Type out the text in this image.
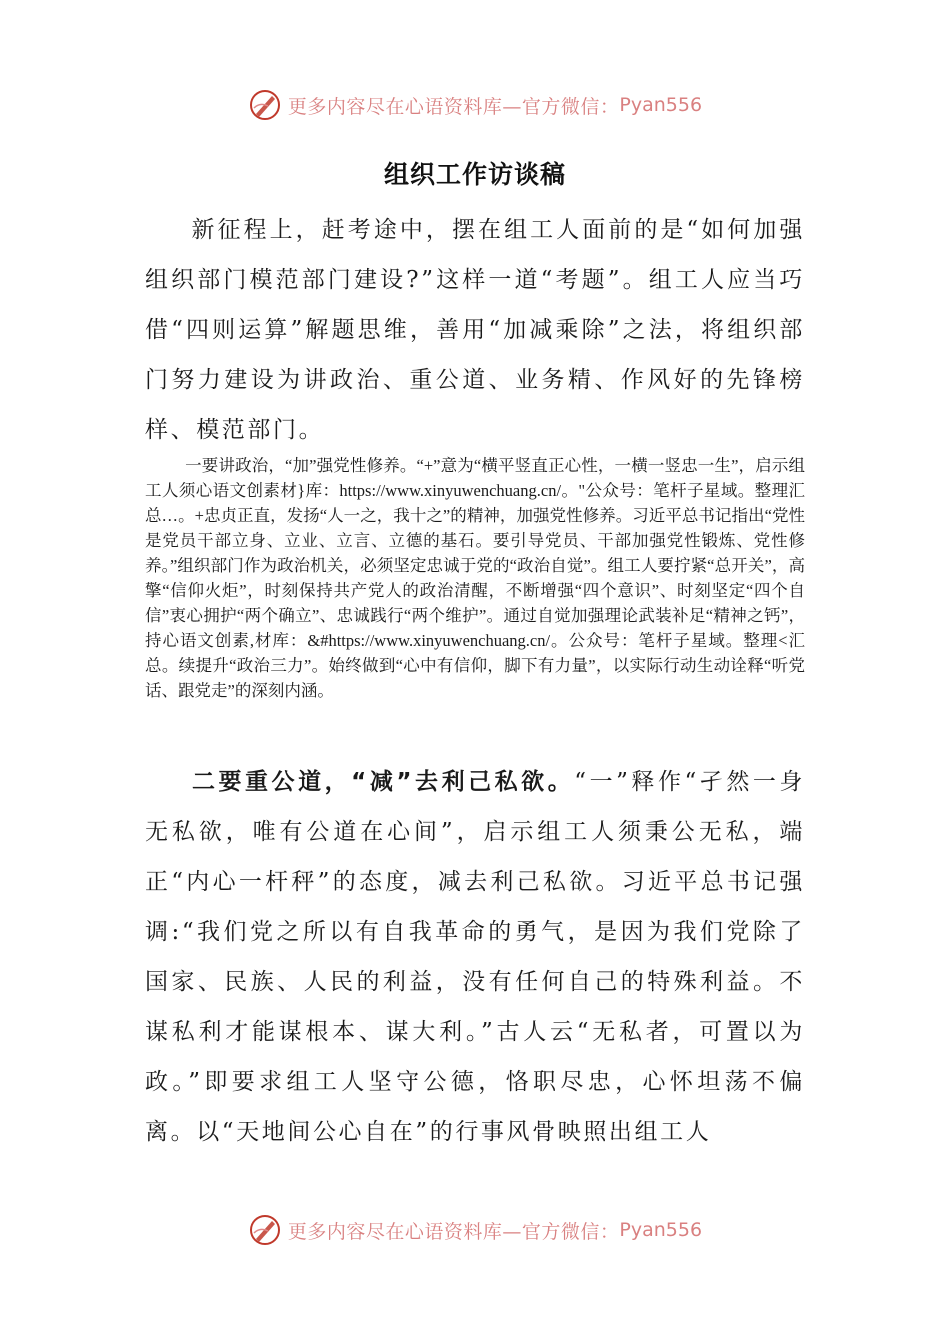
更多内容尽在心语资料库—官方微信： Pyan556
组织工作访谈稿

新征程上，赶考途中，摆在组工人面前的是“如何加强组织部门模范部门建设?”这样一道“考题”。组工人应当巧借“四则运算”解题思维，善用“加减乘除”之法，将组织部门努力建设为讲政治、重公道、业务精、作风好的先锋榜样、模范部门。

一要讲政治，“加”强党性修养。“+”意为“横平竖直正心性，一横一竖忠一生”，启示组工人须心语文创素材}库：https://www.xinyuwenchuang.cn/。"公众号：笔杆子星域。整理汇总…。+忠贞正直，发扬“人一之，我十之”的精神，加强党性修养。习近平总书记指出“党性是党员干部立身、立业、立言、立德的基石。要引导党员、干部加强党性锻炼、党性修养。”组织部门作为政治机关，必须坚定忠诚于党的“政治自觉”。组工人要拧紧“总开关”，高擎“信仰火炬”，时刻保持共产党人的政治清醒，不断增强“四个意识”、时刻坚定“四个自信”衷心拥护“两个确立”、忠诚践行“两个维护”。通过自觉加强理论武装补足“精神之钙”，持心语文创素,材库：&#https://www.xinyuwenchuang.cn/。公众号：笔杆子星域。整理<汇总。续提升“政治三力”。始终做到“心中有信仰，脚下有力量”，以实际行动生动诠释“听党话、跟党走”的深刻内涵。

二要重公道，“减”去利己私欲。“一”释作“孑然一身无私欲，唯有公道在心间”，启示组工人须秉公无私，端正“内心一杆秤”的态度，减去利己私欲。习近平总书记强调:“我们党之所以有自我革命的勇气，是因为我们党除了国家、民族、人民的利益，没有任何自己的特殊利益。不谋私利才能谋根本、谋大利。”古人云“无私者，可置以为政。”即要求组工人坚守公德，恪职尽忠，心怀坦荡不偏离。以“天地间公心自在”的行事风骨映照出组工人

更多内容尽在心语资料库—官方微信： Pyan556
